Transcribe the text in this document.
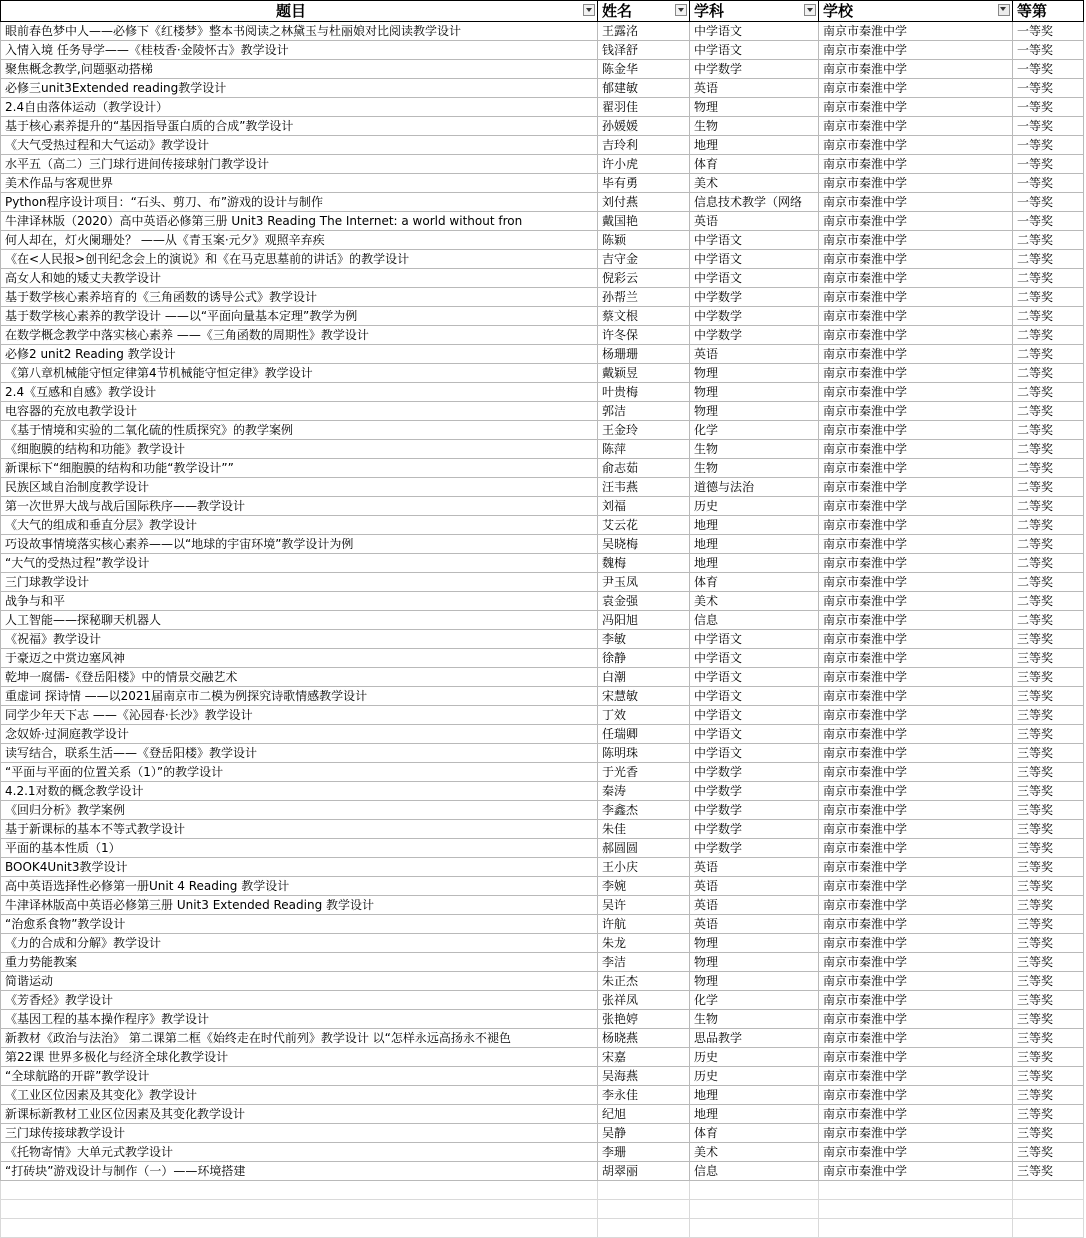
题目	姓名	学科	学校	等第
眼前春色梦中人——必修下《红楼梦》整本书阅读之林黛玉与杜丽娘对比阅读教学设计	王露洺	中学语文	南京市秦淮中学	一等奖
入情入境 任务导学——《桂枝香·金陵怀古》教学设计	钱泽舒	中学语文	南京市秦淮中学	一等奖
聚焦概念教学,问题驱动搭梯	陈金华	中学数学	南京市秦淮中学	一等奖
必修三unit3Extended reading教学设计	郁建敏	英语	南京市秦淮中学	一等奖
2.4自由落体运动（教学设计）	翟羽佳	物理	南京市秦淮中学	一等奖
基于核心素养提升的“基因指导蛋白质的合成”教学设计	孙媛媛	生物	南京市秦淮中学	一等奖
《大气受热过程和大气运动》教学设计	吉玲利	地理	南京市秦淮中学	一等奖
水平五（高二）三门球行进间传接球射门教学设计	许小虎	体育	南京市秦淮中学	一等奖
美术作品与客观世界	毕有勇	美术	南京市秦淮中学	一等奖
Python程序设计项目：“石头、剪刀、布”游戏的设计与制作	刘付燕	信息技术教学（网络	南京市秦淮中学	一等奖
牛津译林版（2020）高中英语必修第三册 Unit3 Reading The Internet: a world without fron	戴国艳	英语	南京市秦淮中学	一等奖
何人却在，灯火阑珊处？ ——从《青玉案·元夕》观照辛弃疾	陈颖	中学语文	南京市秦淮中学	二等奖
《在<人民报>创刊纪念会上的演说》和《在马克思墓前的讲话》的教学设计	吉守金	中学语文	南京市秦淮中学	二等奖
高女人和她的矮丈夫教学设计	倪彩云	中学语文	南京市秦淮中学	二等奖
基于数学核心素养培育的《三角函数的诱导公式》教学设计	孙帮兰	中学数学	南京市秦淮中学	二等奖
基于数学核心素养的教学设计 ——以“平面向量基本定理”教学为例	蔡文根	中学数学	南京市秦淮中学	二等奖
在数学概念教学中落实核心素养 ——《三角函数的周期性》教学设计	许冬保	中学数学	南京市秦淮中学	二等奖
必修2 unit2 Reading 教学设计	杨珊珊	英语	南京市秦淮中学	二等奖
《第八章机械能守恒定律第4节机械能守恒定律》教学设计	戴颖昱	物理	南京市秦淮中学	二等奖
2.4《互感和自感》教学设计	叶贵梅	物理	南京市秦淮中学	二等奖
电容器的充放电教学设计	郭洁	物理	南京市秦淮中学	二等奖
《基于情境和实验的二氧化硫的性质探究》的教学案例	王金玲	化学	南京市秦淮中学	二等奖
《细胞膜的结构和功能》教学设计	陈萍	生物	南京市秦淮中学	二等奖
新课标下“细胞膜的结构和功能“教学设计””	俞志茹	生物	南京市秦淮中学	二等奖
民族区域自治制度教学设计	汪韦燕	道德与法治	南京市秦淮中学	二等奖
第一次世界大战与战后国际秩序——教学设计	刘福	历史	南京市秦淮中学	二等奖
《大气的组成和垂直分层》教学设计	艾云花	地理	南京市秦淮中学	二等奖
巧设故事情境落实核心素养——以“地球的宇宙环境”教学设计为例	吴晓梅	地理	南京市秦淮中学	二等奖
“大气的受热过程”教学设计	魏梅	地理	南京市秦淮中学	二等奖
三门球教学设计	尹玉凤	体育	南京市秦淮中学	二等奖
战争与和平	袁金强	美术	南京市秦淮中学	二等奖
人工智能——探秘聊天机器人	冯阳旭	信息	南京市秦淮中学	二等奖
《祝福》教学设计	李敏	中学语文	南京市秦淮中学	三等奖
于豪迈之中赏边塞风神	徐静	中学语文	南京市秦淮中学	三等奖
乾坤一腐儒-《登岳阳楼》中的情景交融艺术	白潮	中学语文	南京市秦淮中学	三等奖
重虚词 探诗情 ——以2021届南京市二模为例探究诗歌情感教学设计	宋慧敏	中学语文	南京市秦淮中学	三等奖
同学少年天下志 ——《沁园春·长沙》教学设计	丁效	中学语文	南京市秦淮中学	三等奖
念奴娇·过洞庭教学设计	任瑞卿	中学语文	南京市秦淮中学	三等奖
读写结合，联系生活——《登岳阳楼》教学设计	陈明珠	中学语文	南京市秦淮中学	三等奖
“平面与平面的位置关系（1）”的教学设计	于光香	中学数学	南京市秦淮中学	三等奖
4.2.1对数的概念教学设计	秦涛	中学数学	南京市秦淮中学	三等奖
《回归分析》教学案例	李鑫杰	中学数学	南京市秦淮中学	三等奖
基于新课标的基本不等式教学设计	朱佳	中学数学	南京市秦淮中学	三等奖
平面的基本性质（1）	郝圆圆	中学数学	南京市秦淮中学	三等奖
BOOK4Unit3教学设计	王小庆	英语	南京市秦淮中学	三等奖
高中英语选择性必修第一册Unit 4 Reading 教学设计	李婉	英语	南京市秦淮中学	三等奖
牛津译林版高中英语必修第三册 Unit3 Extended Reading 教学设计	吴许	英语	南京市秦淮中学	三等奖
“治愈系食物”教学设计	许航	英语	南京市秦淮中学	三等奖
《力的合成和分解》教学设计	朱龙	物理	南京市秦淮中学	三等奖
重力势能教案	李洁	物理	南京市秦淮中学	三等奖
简谐运动	朱正杰	物理	南京市秦淮中学	三等奖
《芳香烃》教学设计	张祥凤	化学	南京市秦淮中学	三等奖
《基因工程的基本操作程序》教学设计	张艳婷	生物	南京市秦淮中学	三等奖
新教材《政治与法治》 第二课第二框《始终走在时代前列》教学设计 以“怎样永远高扬永不褪色	杨晓燕	思品教学	南京市秦淮中学	三等奖
第22课 世界多极化与经济全球化教学设计	宋嘉	历史	南京市秦淮中学	三等奖
“全球航路的开辟”教学设计	吴海燕	历史	南京市秦淮中学	三等奖
《工业区位因素及其变化》教学设计	李永佳	地理	南京市秦淮中学	三等奖
新课标新教材工业区位因素及其变化教学设计	纪旭	地理	南京市秦淮中学	三等奖
三门球传接球教学设计	吴静	体育	南京市秦淮中学	三等奖
《托物寄情》大单元式教学设计	李珊	美术	南京市秦淮中学	三等奖
“打砖块”游戏设计与制作（一）——环境搭建	胡翠丽	信息	南京市秦淮中学	三等奖
